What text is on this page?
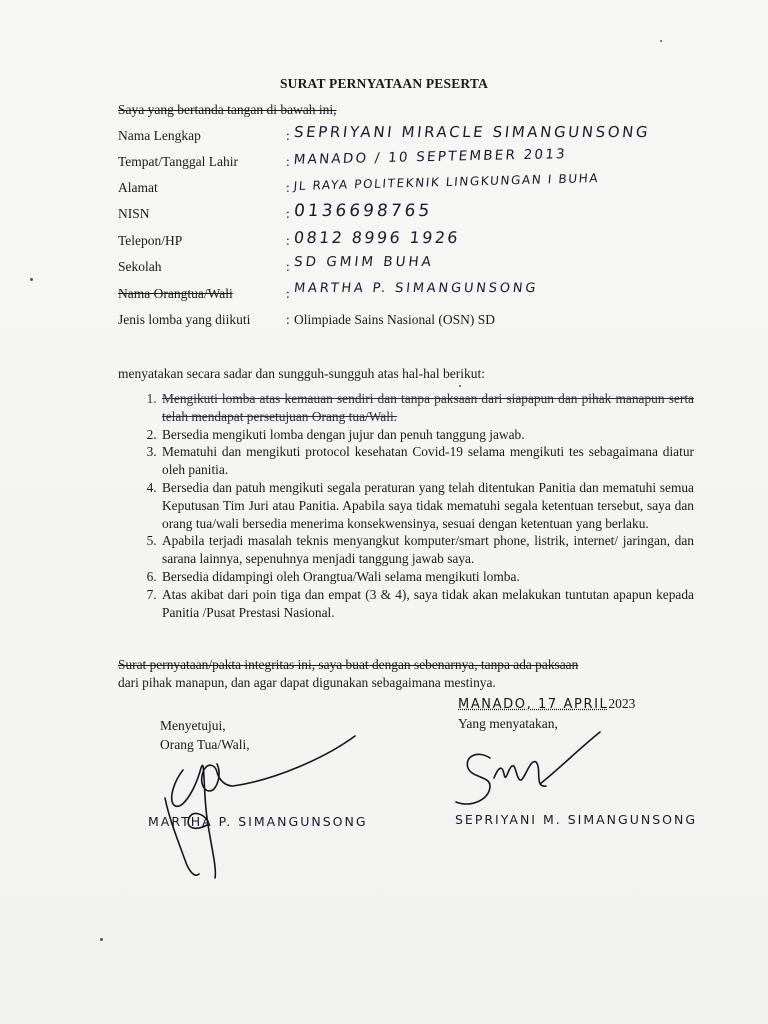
SURAT PERNYATAAN PESERTA
Saya yang bertanda tangan di bawah ini,
Nama Lengkap	: SEPRIYANI MIRACLE SIMANGUNSONG
Tempat/Tanggal Lahir	: MANADO / 10 SEPTEMBER 2013
Alamat	: JL RAYA POLITEKNIK LINGKUNGAN I BUHA
NISN	: 0136698765
Telepon/HP	: 0812 8996 1926
Sekolah	: SD GMIM BUHA
Nama Orangtua/Wali	: MARTHA P. SIMANGUNSONG
Jenis lomba yang diikuti	: Olimpiade Sains Nasional (OSN) SD
menyatakan secara sadar dan sungguh-sungguh atas hal-hal berikut:
1. Mengikuti lomba atas kemauan sendiri dan tanpa paksaan dari siapapun dan pihak manapun serta telah mendapat persetujuan Orang tua/Wali.
2. Bersedia mengikuti lomba dengan jujur dan penuh tanggung jawab.
3. Mematuhi dan mengikuti protocol kesehatan Covid-19 selama mengikuti tes sebagaimana diatur oleh panitia.
4. Bersedia dan patuh mengikuti segala peraturan yang telah ditentukan Panitia dan mematuhi semua Keputusan Tim Juri atau Panitia. Apabila saya tidak mematuhi segala ketentuan tersebut, saya dan orang tua/wali bersedia menerima konsekwensinya, sesuai dengan ketentuan yang berlaku.
5. Apabila terjadi masalah teknis menyangkut komputer/smart phone, listrik, internet/ jaringan, dan sarana lainnya, sepenuhnya menjadi tanggung jawab saya.
6. Bersedia didampingi oleh Orangtua/Wali selama mengikuti lomba.
7. Atas akibat dari poin tiga dan empat (3 & 4), saya tidak akan melakukan tuntutan apapun kepada Panitia /Pusat Prestasi Nasional.
Surat pernyataan/pakta integritas ini, saya buat dengan sebenarnya, tanpa ada paksaan
dari pihak manapun, dan agar dapat digunakan sebagaimana mestinya.
MANADO, 17 APRIL2023
Menyetujui,
Orang Tua/Wali,
Yang menyatakan,
MARTHA P. SIMANGUNSONG	SEPRIYANI M. SIMANGUNSONG
